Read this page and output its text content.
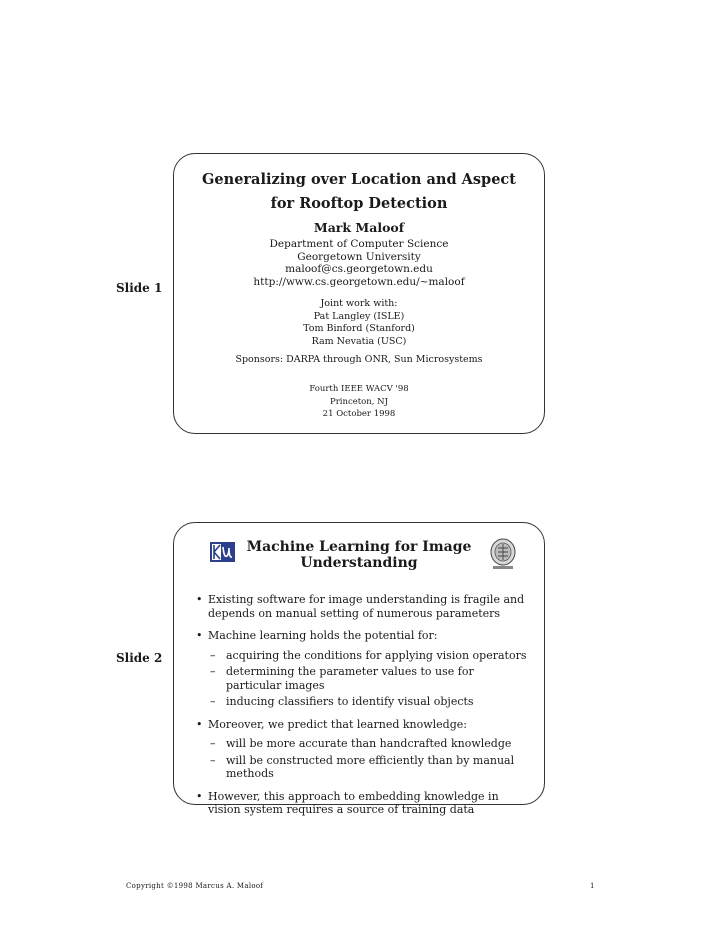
Slide 1
Generalizing over Location and Aspect
for Rooftop Detection
Mark Maloof
Department of Computer Science
Georgetown University
maloof@cs.georgetown.edu
http://www.cs.georgetown.edu/~maloof
Joint work with:
Pat Langley (ISLE)
Tom Binford (Stanford)
Ram Nevatia (USC)
Sponsors: DARPA through ONR, Sun Microsystems
Fourth IEEE WACV '98
Princeton, NJ
21 October 1998
Slide 2
Machine Learning for Image
Understanding
• Existing software for image understanding is fragile and depends on manual setting of numerous parameters
• Machine learning holds the potential for:
– acquiring the conditions for applying vision operators
– determining the parameter values to use for particular images
– inducing classifiers to identify visual objects
• Moreover, we predict that learned knowledge:
– will be more accurate than handcrafted knowledge
– will be constructed more efficiently than by manual methods
• However, this approach to embedding knowledge in vision system requires a source of training data
Copyright ©1998 Marcus A. Maloof	1
